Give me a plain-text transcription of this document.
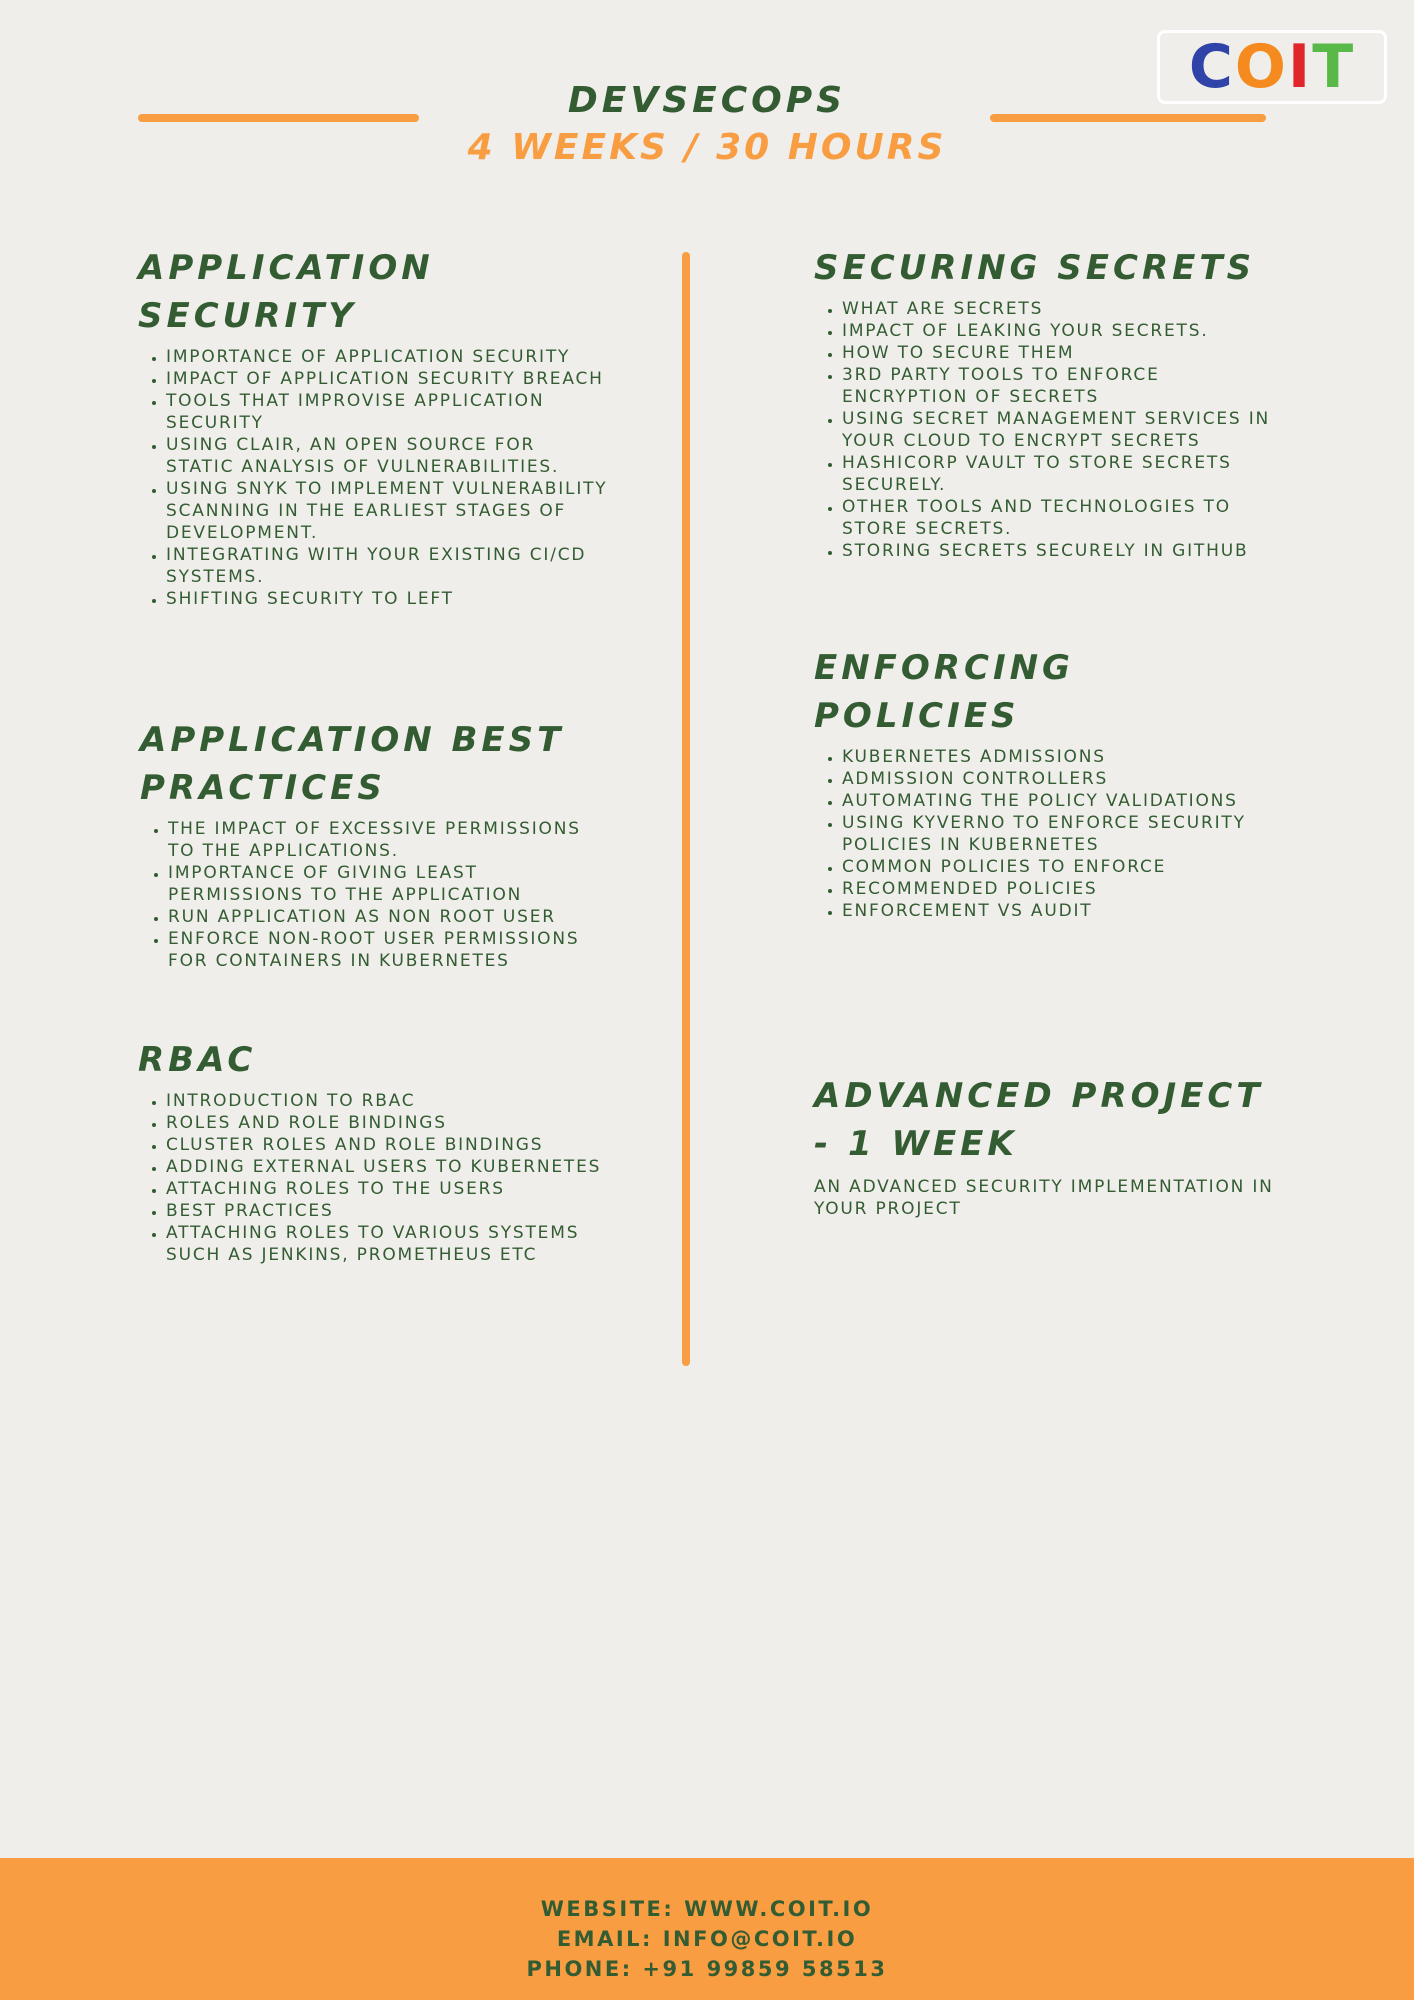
C O I T
DEVSECOPS
4 WEEKS / 30 HOURS
APPLICATION
SECURITY
• IMPORTANCE OF APPLICATION SECURITY
• IMPACT OF APPLICATION SECURITY BREACH
• TOOLS THAT IMPROVISE APPLICATION SECURITY
• USING CLAIR, AN OPEN SOURCE FOR STATIC ANALYSIS OF VULNERABILITIES.
• USING SNYK TO IMPLEMENT VULNERABILITY SCANNING IN THE EARLIEST STAGES OF DEVELOPMENT.
• INTEGRATING WITH YOUR EXISTING CI/CD SYSTEMS.
• SHIFTING SECURITY TO LEFT
APPLICATION BEST
PRACTICES
• THE IMPACT OF EXCESSIVE PERMISSIONS TO THE APPLICATIONS.
• IMPORTANCE OF GIVING LEAST PERMISSIONS TO THE APPLICATION
• RUN APPLICATION AS NON ROOT USER
• ENFORCE NON-ROOT USER PERMISSIONS FOR CONTAINERS IN KUBERNETES
RBAC
• INTRODUCTION TO RBAC
• ROLES AND ROLE BINDINGS
• CLUSTER ROLES AND ROLE BINDINGS
• ADDING EXTERNAL USERS TO KUBERNETES
• ATTACHING ROLES TO THE USERS
• BEST PRACTICES
• ATTACHING ROLES TO VARIOUS SYSTEMS SUCH AS JENKINS, PROMETHEUS ETC
SECURING SECRETS
• WHAT ARE SECRETS
• IMPACT OF LEAKING YOUR SECRETS.
• HOW TO SECURE THEM
• 3RD PARTY TOOLS TO ENFORCE ENCRYPTION OF SECRETS
• USING SECRET MANAGEMENT SERVICES IN YOUR CLOUD TO ENCRYPT SECRETS
• HASHICORP VAULT TO STORE SECRETS SECURELY.
• OTHER TOOLS AND TECHNOLOGIES TO STORE SECRETS.
• STORING SECRETS SECURELY IN GITHUB
ENFORCING
POLICIES
• KUBERNETES ADMISSIONS
• ADMISSION CONTROLLERS
• AUTOMATING THE POLICY VALIDATIONS
• USING KYVERNO TO ENFORCE SECURITY POLICIES IN KUBERNETES
• COMMON POLICIES TO ENFORCE
• RECOMMENDED POLICIES
• ENFORCEMENT VS AUDIT
ADVANCED PROJECT
- 1 WEEK

AN ADVANCED SECURITY IMPLEMENTATION IN YOUR PROJECT

WEBSITE: WWW.COIT.IO
EMAIL: INFO@COIT.IO
PHONE: +91 99859 58513
